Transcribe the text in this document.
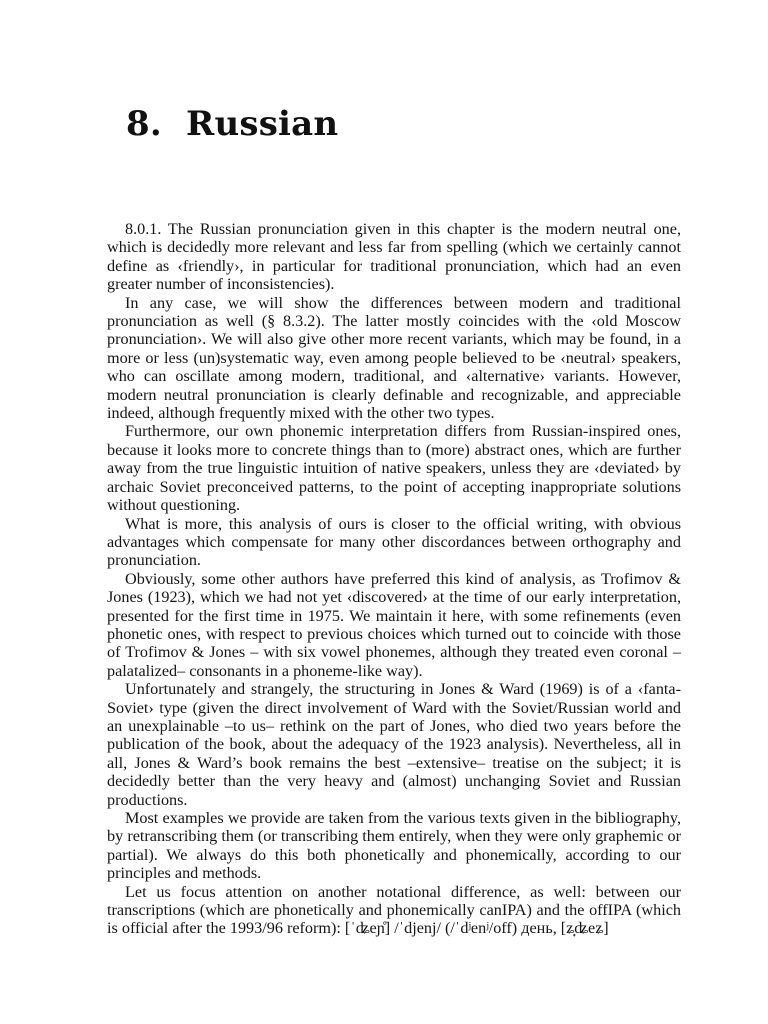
8. Russian

8.0.1. The Russian pronunciation given in this chapter is the modern neutral one, which is decidedly more relevant and less far from spelling (which we certainly cannot define as ‹friendly›, in particular for traditional pronunciation, which had an even greater number of inconsistencies).

In any case, we will show the differences between modern and traditional pronunciation as well (§ 8.3.2). The latter mostly coincides with the ‹old Moscow pronunciation›. We will also give other more recent variants, which may be found, in a more or less (un)systematic way, even among people believed to be ‹neutral› speakers, who can oscillate among modern, traditional, and ‹alternative› variants. However, modern neutral pronunciation is clearly definable and recognizable, and appreciable indeed, although frequently mixed with the other two types.

Furthermore, our own phonemic interpretation differs from Russian-inspired ones, because it looks more to concrete things than to (more) abstract ones, which are further away from the true linguistic intuition of native speakers, unless they are ‹deviated› by archaic Soviet preconceived patterns, to the point of accepting inappropriate solutions without questioning.

What is more, this analysis of ours is closer to the official writing, with obvious advantages which compensate for many other discordances between orthography and pronunciation.

Obviously, some other authors have preferred this kind of analysis, as Trofimov & Jones (1923), which we had not yet ‹discovered› at the time of our early interpretation, presented for the first time in 1975. We maintain it here, with some refinements (even phonetic ones, with respect to previous choices which turned out to coincide with those of Trofimov & Jones – with six vowel phonemes, although they treated even coronal –palatalized– consonants in a phoneme-like way).

Unfortunately and strangely, the structuring in Jones & Ward (1969) is of a ‹fanta-Soviet› type (given the direct involvement of Ward with the Soviet/Russian world and an unexplainable –to us– rethink on the part of Jones, who died two years before the publication of the book, about the adequacy of the 1923 analysis). Nevertheless, all in all, Jones & Ward’s book remains the best –extensive– treatise on the subject; it is decidedly better than the very heavy and (almost) unchanging Soviet and Russian productions.

Most examples we provide are taken from the various texts given in the bibliography, by retranscribing them (or transcribing them entirely, when they were only graphemic or partial). We always do this both phonetically and phonemically, according to our principles and methods.

Let us focus attention on another notational difference, as well: between our transcriptions (which are phonetically and phonemically canIPA) and the offIPA (which is official after the 1993/96 reform): [ˈʥeɲ̊] /ˈdjenj/ (/ˈdʲenʲ/off) день, [ʑ̟ʥeʑ]
